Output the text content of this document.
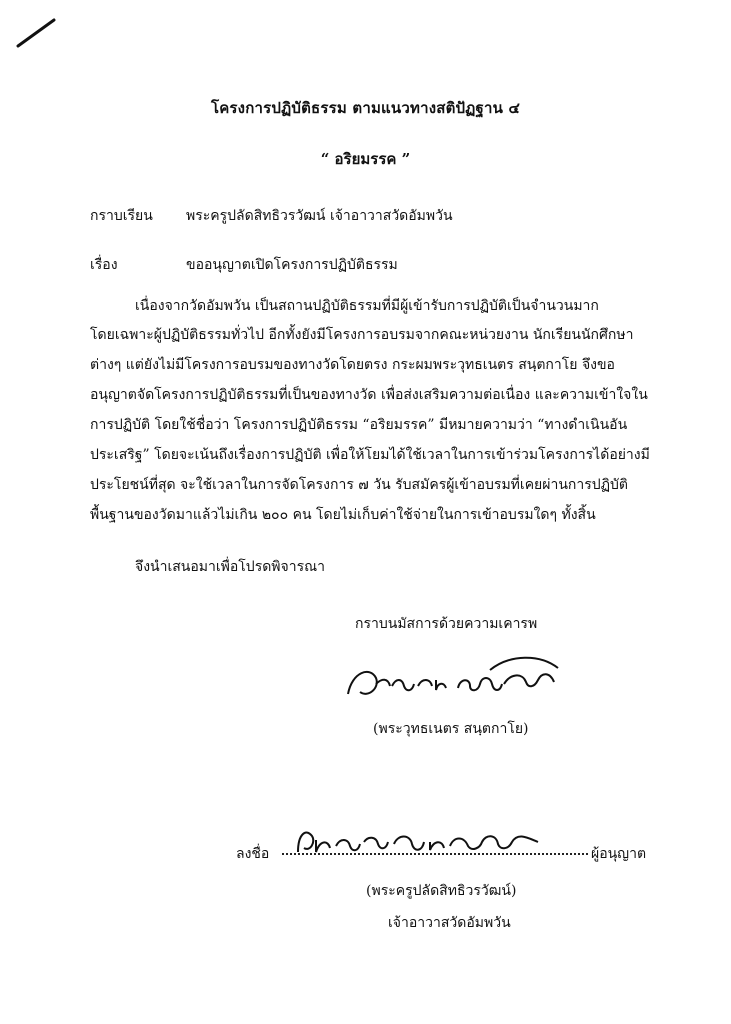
โครงการปฏิบัติธรรม ตามแนวทางสติปัฏฐาน ๔
“ อริยมรรค ”
กราบเรียน พระครูปลัดสิทธิวรวัฒน์ เจ้าอาวาสวัดอัมพวัน
เรื่อง	ขออนุญาตเปิดโครงการปฏิบัติธรรม
เนื่องจากวัดอัมพวัน เป็นสถานปฏิบัติธรรมที่มีผู้เข้ารับการปฏิบัติเป็นจำนวนมาก
โดยเฉพาะผู้ปฏิบัติธรรมทั่วไป อีกทั้งยังมีโครงการอบรมจากคณะหน่วยงาน นักเรียนนักศึกษา
ต่างๆ แต่ยังไม่มีโครงการอบรมของทางวัดโดยตรง กระผมพระวุทธเนตร สนฺตกาโย จึงขอ
อนุญาตจัดโครงการปฏิบัติธรรมที่เป็นของทางวัด เพื่อส่งเสริมความต่อเนื่อง และความเข้าใจใน
การปฏิบัติ โดยใช้ชื่อว่า โครงการปฏิบัติธรรม “อริยมรรค” มีหมายความว่า “ทางดำเนินอัน
ประเสริฐ” โดยจะเน้นถึงเรื่องการปฏิบัติ เพื่อให้โยมได้ใช้เวลาในการเข้าร่วมโครงการได้อย่างมี
ประโยชน์ที่สุด จะใช้เวลาในการจัดโครงการ ๗ วัน รับสมัครผู้เข้าอบรมที่เคยผ่านการปฏิบัติ
พื้นฐานของวัดมาแล้วไม่เกิน ๒๐๐ คน โดยไม่เก็บค่าใช้จ่ายในการเข้าอบรมใดๆ ทั้งสิ้น
จึงนำเสนอมาเพื่อโปรดพิจารณา
กราบนมัสการด้วยความเคารพ
(พระวุทธเนตร สนฺตกาโย)
ลงชื่อ	ผู้อนุญาต
(พระครูปลัดสิทธิวรวัฒน์)
เจ้าอาวาสวัดอัมพวัน
